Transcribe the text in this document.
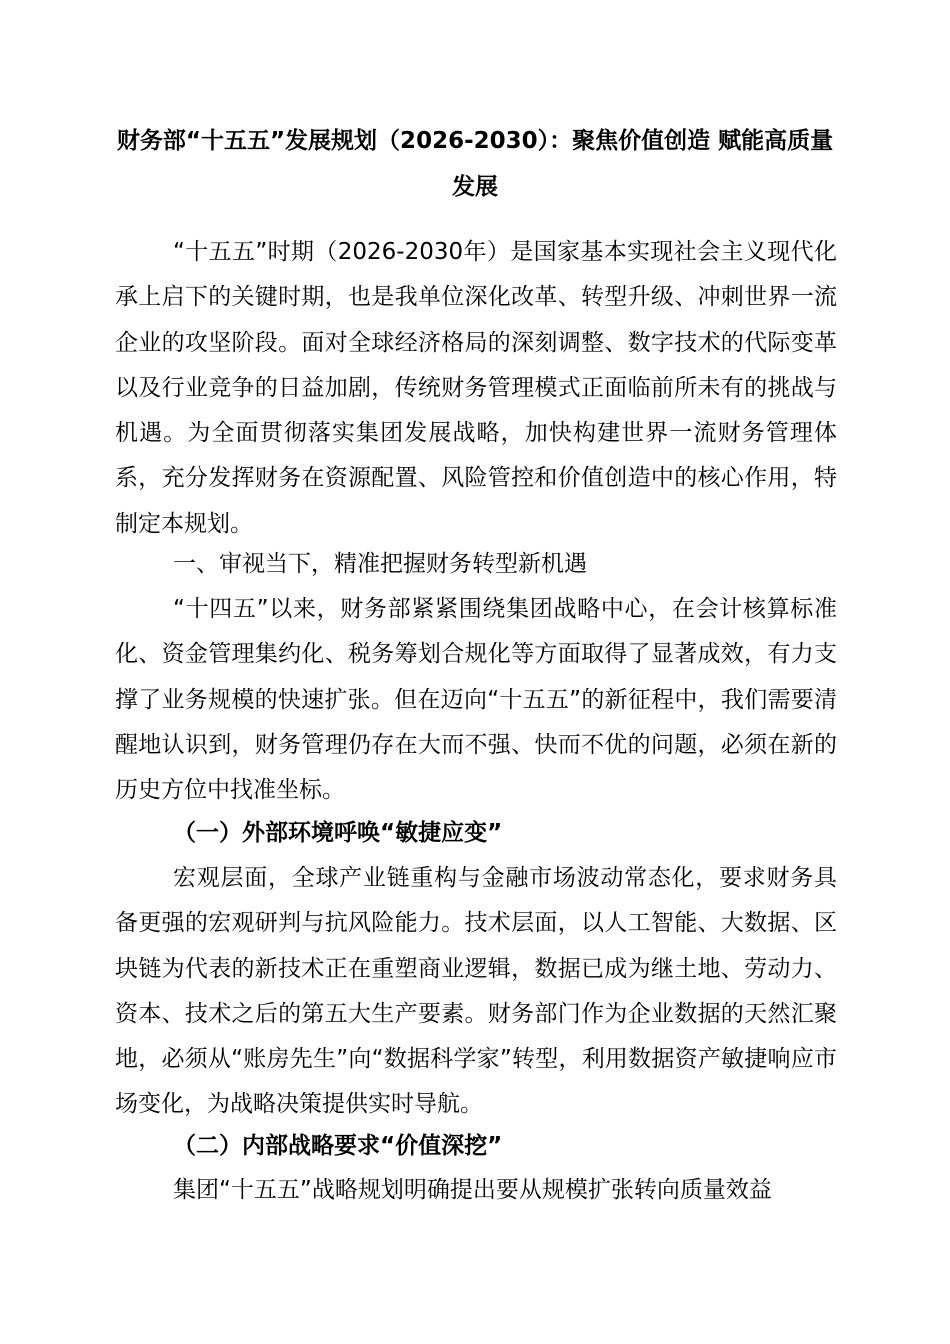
财务部“十五五”发展规划（2026-2030）：聚焦价值创造 赋能高质量发展

“十五五”时期（2026-2030年）是国家基本实现社会主义现代化承上启下的关键时期，也是我单位深化改革、转型升级、冲刺世界一流企业的攻坚阶段。面对全球经济格局的深刻调整、数字技术的代际变革以及行业竞争的日益加剧，传统财务管理模式正面临前所未有的挑战与机遇。为全面贯彻落实集团发展战略，加快构建世界一流财务管理体系，充分发挥财务在资源配置、风险管控和价值创造中的核心作用，特制定本规划。

一、审视当下，精准把握财务转型新机遇

“十四五”以来，财务部紧紧围绕集团战略中心，在会计核算标准化、资金管理集约化、税务筹划合规化等方面取得了显著成效，有力支撑了业务规模的快速扩张。但在迈向“十五五”的新征程中，我们需要清醒地认识到，财务管理仍存在大而不强、快而不优的问题，必须在新的历史方位中找准坐标。

（一）外部环境呼唤“敏捷应变”

宏观层面，全球产业链重构与金融市场波动常态化，要求财务具备更强的宏观研判与抗风险能力。技术层面，以人工智能、大数据、区块链为代表的新技术正在重塑商业逻辑，数据已成为继土地、劳动力、资本、技术之后的第五大生产要素。财务部门作为企业数据的天然汇聚地，必须从“账房先生”向“数据科学家”转型，利用数据资产敏捷响应市场变化，为战略决策提供实时导航。

（二）内部战略要求“价值深挖”

集团“十五五”战略规划明确提出要从规模扩张转向质量效益
